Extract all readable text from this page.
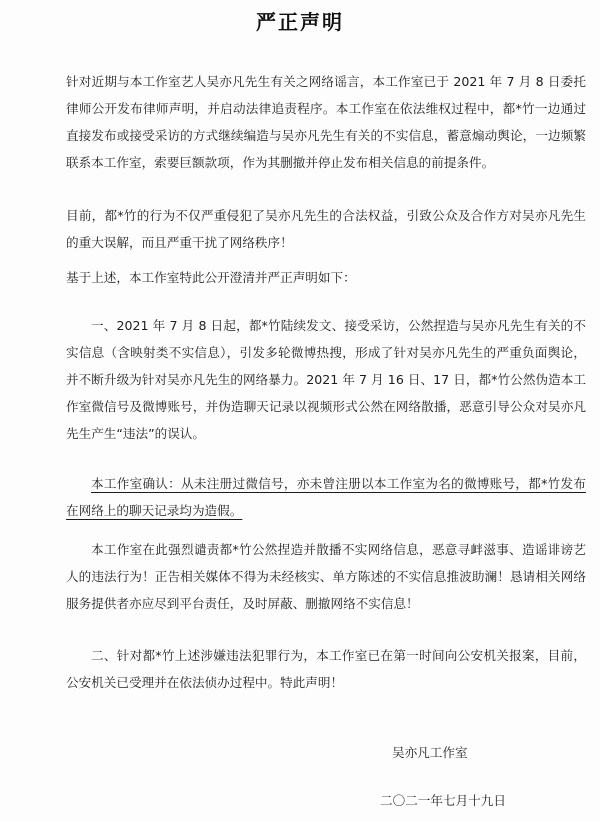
严正声明

针对近期与本工作室艺人吴亦凡先生有关之网络谣言，本工作室已于 2021 年 7 月 8 日委托律师公开发布律师声明，并启动法律追责程序。本工作室在依法维权过程中，都*竹一边通过直接发布或接受采访的方式继续编造与吴亦凡先生有关的不实信息，蓄意煽动舆论，一边频繁联系本工作室，索要巨额款项，作为其删撤并停止发布相关信息的前提条件。

目前，都*竹的行为不仅严重侵犯了吴亦凡先生的合法权益，引致公众及合作方对吴亦凡先生的重大误解，而且严重干扰了网络秩序！

基于上述，本工作室特此公开澄清并严正声明如下：

一、2021 年 7 月 8 日起，都*竹陆续发文、接受采访，公然捏造与吴亦凡先生有关的不实信息（含映射类不实信息），引发多轮微博热搜，形成了针对吴亦凡先生的严重负面舆论，并不断升级为针对吴亦凡先生的网络暴力。2021 年 7 月 16 日、17 日，都*竹公然伪造本工作室微信号及微博账号，并伪造聊天记录以视频形式公然在网络散播，恶意引导公众对吴亦凡先生产生“违法”的误认。

本工作室确认：从未注册过微信号，亦未曾注册以本工作室为名的微博账号，都*竹发布在网络上的聊天记录均为造假。

本工作室在此强烈谴责都*竹公然捏造并散播不实网络信息，恶意寻衅滋事、造谣诽谤艺人的违法行为！正告相关媒体不得为未经核实、单方陈述的不实信息推波助澜！恳请相关网络服务提供者亦应尽到平台责任，及时屏蔽、删撤网络不实信息！

二、针对都*竹上述涉嫌违法犯罪行为，本工作室已在第一时间向公安机关报案，目前，公安机关已受理并在依法侦办过程中。特此声明！

吴亦凡工作室
二〇二一年七月十九日
